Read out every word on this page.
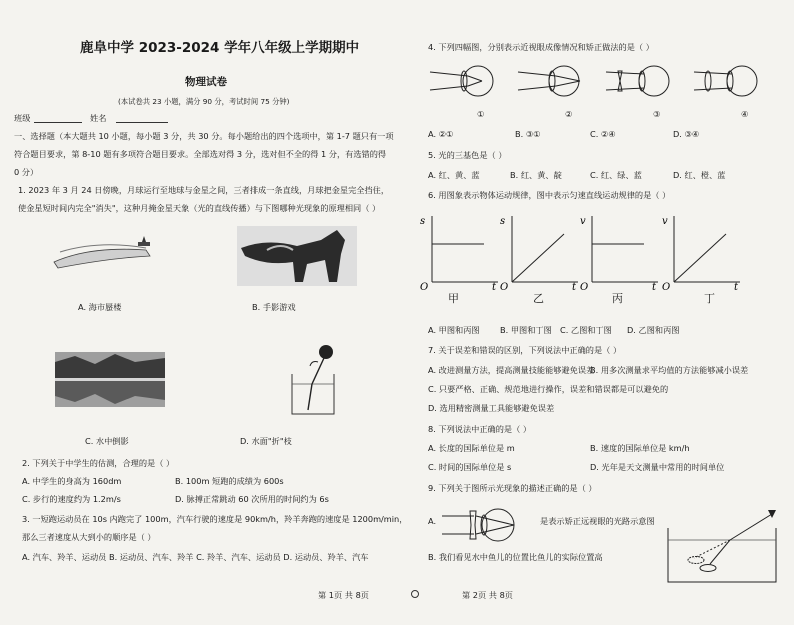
鹿阜中学 2023-2024 学年八年级上学期期中
物理试卷
(本试卷共 23 小题，满分 90 分，考试时间 75 分钟)
班级	姓名
一、选择题（本大题共 10 小题，每小题 3 分，共 30 分。每小题给出的四个选项中，第 1-7 题只有一项
符合题目要求，第 8-10 题有多项符合题目要求。全部选对得 3 分，选对但不全的得 1 分，有选错的得
0 分）
1. 2023 年 3 月 24 日傍晚，月球运行至地球与金星之间，三者排成一条直线，月球把金星完全挡住，
使金星短时间内完全"消失"，这种月掩金星天象（光的直线传播）与下图哪种光现象的原理相同（ ）
A. 海市蜃楼	B. 手影游戏
C. 水中倒影	D. 水面"折"枝
2. 下列关于中学生的估测，合理的是（ ）
A. 中学生的身高为 160dm	B. 100m 短跑的成绩为 600s
C. 步行的速度约为 1.2m/s	D. 脉搏正常跳动 60 次所用的时间约为 6s
3. 一短跑运动员在 10s 内跑完了 100m，汽车行驶的速度是 90km/h，羚羊奔跑的速度是 1200m/min，
那么三者速度从大到小的顺序是（ ）
A. 汽车、羚羊、运动员 B. 运动员、汽车、羚羊 C. 羚羊、汽车、运动员 D. 运动员、羚羊、汽车
第 1页 共 8页
4. 下列四幅图，分别表示近视眼成像情况和矫正做法的是（ ）
①	②	③	④
A. ②①	B. ③①	C. ②④	D. ③④
5. 光的三基色是（ ）
A. 红、黄、蓝	B. 红、黄、靛	C. 红、绿、蓝	D. 红、橙、蓝
6. 用图象表示物体运动规律，图中表示匀速直线运动规律的是（ ）
s
O	t
甲
s
O	t
乙
v
O	t
丙
v
O	t
丁
A. 甲图和丙图 B. 甲图和丁图 C. 乙图和丁图 D. 乙图和丙图
7. 关于误差和错误的区别，下列说法中正确的是（ ）
A. 改进测量方法，提高测量技能能够避免误差
B. 用多次测量求平均值的方法能够减小误差
C. 只要严格、正确、规范地进行操作，误差和错误都是可以避免的
D. 选用精密测量工具能够避免误差
8. 下列说法中正确的是（ ）
A. 长度的国际单位是 m	B. 速度的国际单位是 km/h
C. 时间的国际单位是 s	D. 光年是天文测量中常用的时间单位
9. 下列关于图所示光现象的描述正确的是（ ）
A.	是表示矫正远视眼的光路示意图
B. 我们看见水中鱼儿的位置比鱼儿的实际位置高
第 2页 共 8页
